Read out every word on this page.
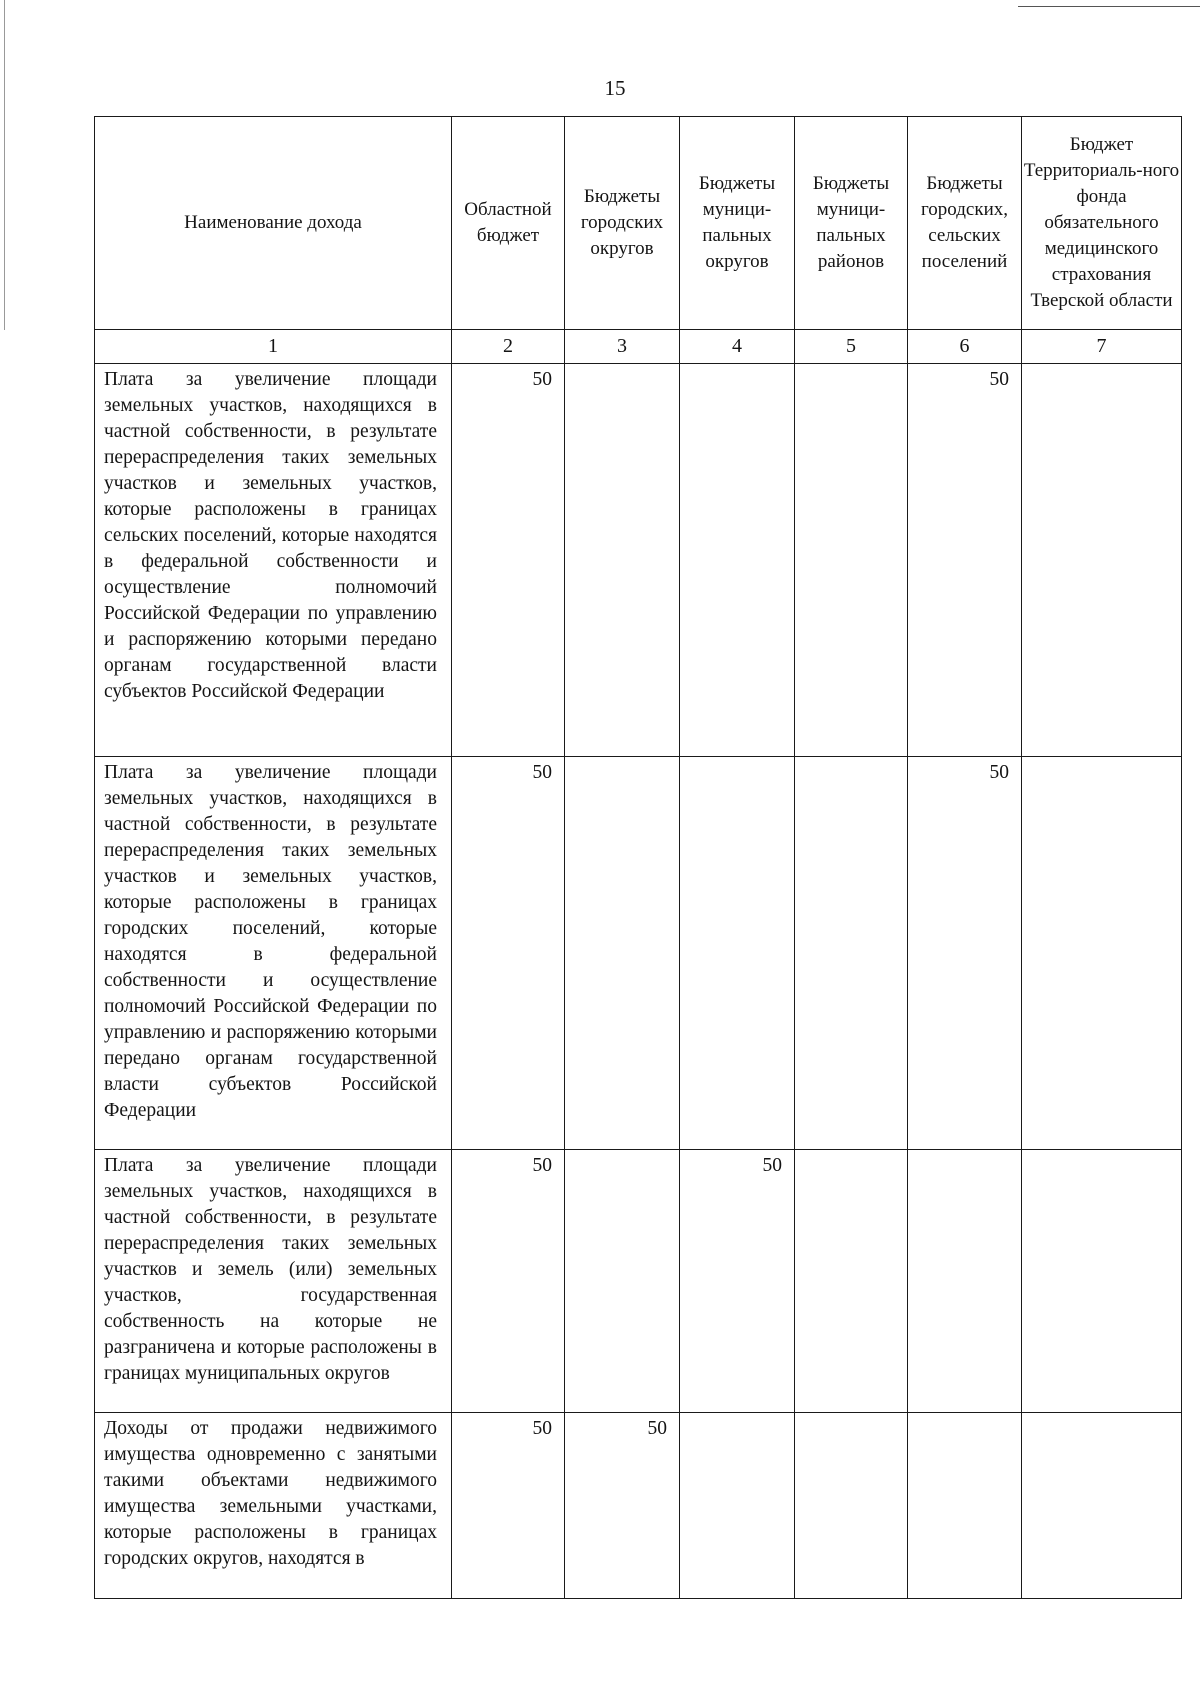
15
Наименование дохода	Областной бюджет	Бюджеты городских округов	Бюджеты муници-пальных округов	Бюджеты муници-пальных районов	Бюджеты городских, сельских поселений	Бюджет Территориаль-ного фонда обязательного медицинского страхования Тверской области
1	2	3	4	5	6	7
Плата за увеличение площади земельных участков, находящихся в частной собственности, в результате перераспределения таких земельных участков и земельных участков, которые расположены в границах сельских поселений, которые находятся в федеральной собственности и осуществление полномочий Российской Федерации по управлению и распоряжению которыми передано органам государственной власти субъектов Российской Федерации	50				50	
Плата за увеличение площади земельных участков, находящихся в частной собственности, в результате перераспределения таких земельных участков и земельных участков, которые расположены в границах городских поселений, которые находятся в федеральной собственности и осуществление полномочий Российской Федерации по управлению и распоряжению которыми передано органам государственной власти субъектов Российской Федерации	50				50	
Плата за увеличение площади земельных участков, находящихся в частной собственности, в результате перераспределения таких земельных участков и земель (или) земельных участков, государственная собственность на которые не разграничена и которые расположены в границах муниципальных округов	50		50			

Доходы от продажи недвижимого имущества одновременно с занятыми такими объектами недвижимого имущества земельными участками, которые расположены в границах городских округов, находятся в	50	50				
